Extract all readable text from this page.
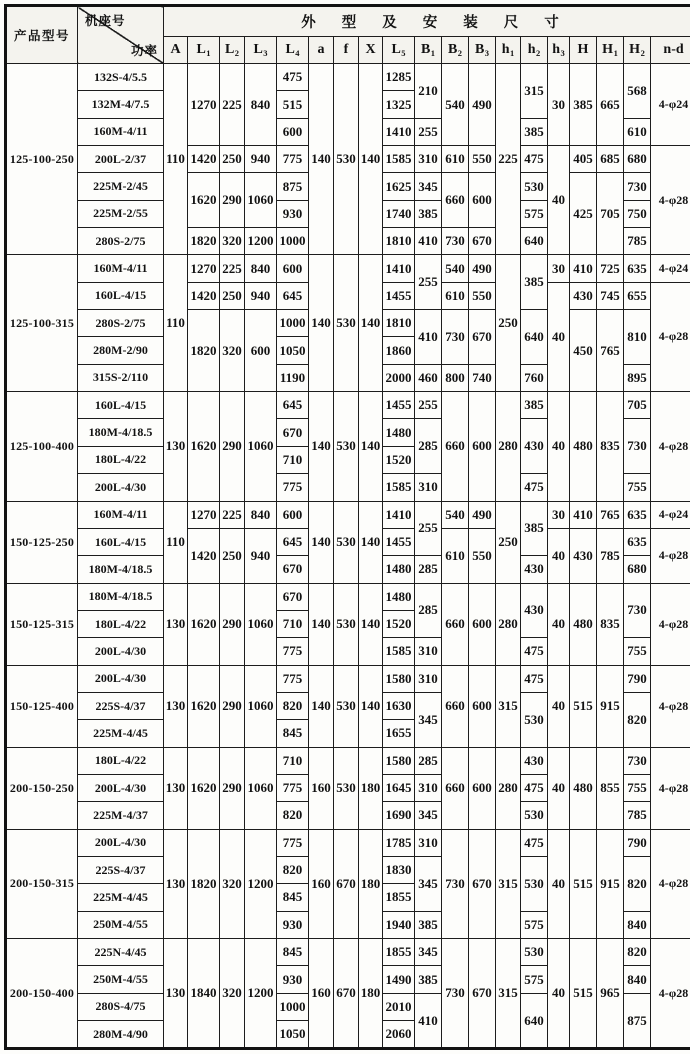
产品型号	机座号
功率	外型及安装尺寸																		
		A	$L_1$	$L_2$	$L_3$	$L_4$	a	f	X	$L_5$	$B_1$	$B_2$	$B_3$	$h_1$	$h_2$	$h_3$	H	$H_1$	$H_2$	n-d
125-100-250	132S-4/5.5	110	1270	225	840	475	140	530	140	1285	210	540	490	225	315	30	385	665	568	4-φ24
	132M-4/7.5					515				1325										
	160M-4/11					600				1410	255				385				610	
	200L-2/37		1420	250	940	775				1585	310	610	550		475	40	405	685	680	4-φ28
	225M-2/45		1620	290	1060	875				1625	345	660	600		530		425	705	730	
	225M-2/55					930				1740	385				575				750	
	280S-2/75		1820	320	1200	1000				1810	410	730	670		640				785	
125-100-315	160M-4/11	110	1270	225	840	600	140	530	140	1410	255	540	490	250	385	30	410	725	635	4-φ24
	160L-4/15		1420	250	940	645				1455		610	550			40	430	745	655	4-φ28
	280S-2/75		1820	320	600	1000				1810	410	730	670		640		450	765	810	
	280M-2/90					1050				1860										
	315S-2/110					1190				2000	460	800	740		760				895	
125-100-400	160L-4/15	130	1620	290	1060	645	140	530	140	1455	255	660	600	280	385	40	480	835	705	4-φ28
	180M-4/18.5					670				1480	285				430				730	
	180L-4/22					710				1520										
	200L-4/30					775				1585	310				475				755	
150-125-250	160M-4/11	110	1270	225	840	600	140	530	140	1410	255	540	490	250	385	30	410	765	635	4-φ24
	160L-4/15		1420	250	940	645				1455		610	550			40	430	785	635	4-φ28
	180M-4/18.5					670				1480	285				430				680	
150-125-315	180M-4/18.5	130	1620	290	1060	670	140	530	140	1480	285	660	600	280	430	40	480	835	730	4-φ28
	180L-4/22					710				1520										
	200L-4/30					775				1585	310				475				755	
150-125-400	200L-4/30	130	1620	290	1060	775	140	530	140	1580	310	660	600	315	475	40	515	915	790	4-φ28
	225S-4/37					820				1630	345				530				820	
	225M-4/45					845				1655										
200-150-250	180L-4/22	130	1620	290	1060	710	160	530	180	1580	285	660	600	280	430	40	480	855	730	4-φ28
	200L-4/30					775				1645	310				475				755	
	225M-4/37					820				1690	345				530				785	
200-150-315	200L-4/30	130	1820	320	1200	775	160	670	180	1785	310	730	670	315	475	40	515	915	790	4-φ28
	225S-4/37					820				1830	345				530				820	
	225M-4/45					845				1855										
	250M-4/55					930				1940	385				575				840	
200-150-400	225N-4/45	130	1840	320	1200	845	160	670	180	1855	345	730	670	315	530	40	515	965	820	4-φ28
	250M-4/55					930				1490	385				575				840	
	280S-4/75					1000				2010	410				640				875	
	280M-4/90					1050				2060										
